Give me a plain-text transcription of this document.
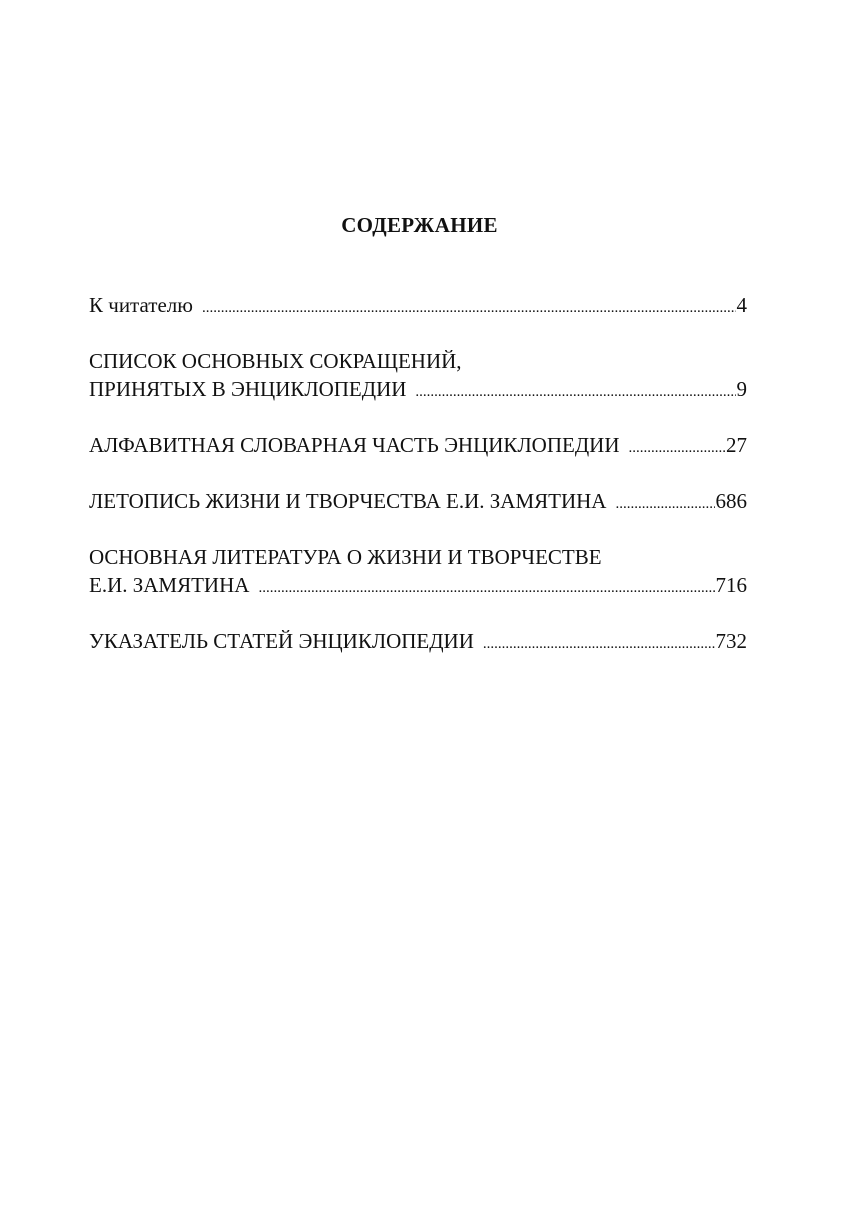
СОДЕРЖАНИЕ
К читателю .....	4
СПИСОК ОСНОВНЫХ СОКРАЩЕНИЙ,
ПРИНЯТЫХ В ЭНЦИКЛОПЕДИИ .....	9
АЛФАВИТНАЯ СЛОВАРНАЯ ЧАСТЬ ЭНЦИКЛОПЕДИИ .....	27
ЛЕТОПИСЬ ЖИЗНИ И ТВОРЧЕСТВА Е.И. ЗАМЯТИНА .....	686
ОСНОВНАЯ ЛИТЕРАТУРА О ЖИЗНИ И ТВОРЧЕСТВЕ
Е.И. ЗАМЯТИНА .....	716
УКАЗАТЕЛЬ СТАТЕЙ ЭНЦИКЛОПЕДИИ .....	732
